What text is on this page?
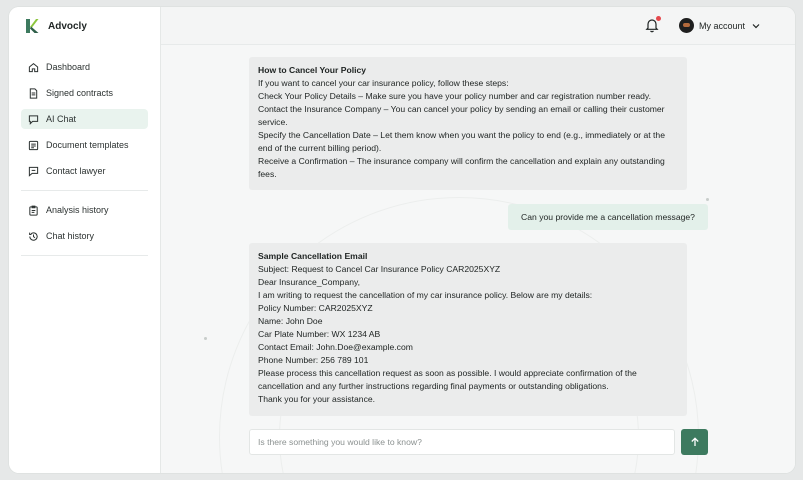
Advocly
Dashboard
Signed contracts
AI Chat
Document templates
Contact lawyer
Analysis history
Chat history
My account
How to Cancel Your Policy
If you want to cancel your car insurance policy, follow these steps:
Check Your Policy Details – Make sure you have your policy number and car registration number ready.
Contact the Insurance Company – You can cancel your policy by sending an email or calling their customer service.
Specify the Cancellation Date – Let them know when you want the policy to end (e.g., immediately or at the end of the current billing period).
Receive a Confirmation – The insurance company will confirm the cancellation and explain any outstanding fees.
Can you provide me a cancellation message?
Sample Cancellation Email
Subject: Request to Cancel Car Insurance Policy CAR2025XYZ
Dear Insurance_Company,
I am writing to request the cancellation of my car insurance policy. Below are my details:
Policy Number: CAR2025XYZ
Name: John Doe
Car Plate Number: WX 1234 AB
Contact Email: John.Doe@example.com
Phone Number: 256 789 101
Please process this cancellation request as soon as possible. I would appreciate confirmation of the cancellation and any further instructions regarding final payments or outstanding obligations.
Thank you for your assistance.
Is there something you would like to know?
